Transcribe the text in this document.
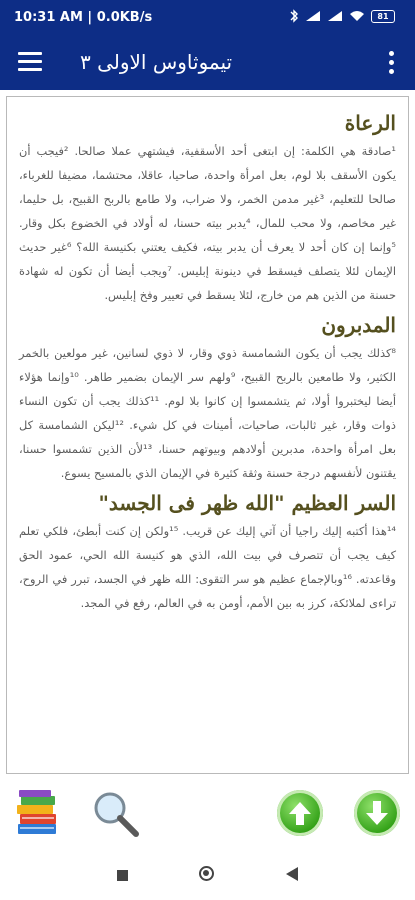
10:31 AM | 0.0KB/s	81
تيموثاوس الاولى ٣
الرعاة

¹صادقة هي الكلمة: إن ابتغى أحد الأسقفية، فيشتهي عملا صالحا. ²فيجب أن يكون الأسقف بلا لوم، بعل امرأة واحدة، صاحيا، عاقلا، محتشما، مضيفا للغرباء، صالحا للتعليم، ³غير مدمن الخمر، ولا ضراب، ولا طامع بالربح القبيح، بل حليما، غير مخاصم، ولا محب للمال، ⁴يدبر بيته حسنا، له أولاد في الخضوع بكل وقار. ⁵وإنما إن كان أحد لا يعرف أن يدبر بيته، فكيف يعتني بكنيسة الله؟ ⁶غير حديث الإيمان لئلا يتصلف فيسقط في دينونة إبليس. ⁷ويجب أيضا أن تكون له شهادة حسنة من الذين هم من خارج، لئلا يسقط في تعيير وفخ إبليس.

المدبرون

⁸كذلك يجب أن يكون الشمامسة ذوي وقار، لا ذوي لسانين، غير مولعين بالخمر الكثير، ولا طامعين بالربح القبيح، ⁹ولهم سر الإيمان بضمير طاهر. ¹⁰وإنما هؤلاء أيضا ليختبروا أولا، ثم يتشمسوا إن كانوا بلا لوم. ¹¹كذلك يجب أن تكون النساء ذوات وقار، غير ثالبات، صاحيات، أمينات في كل شيء. ¹²ليكن الشمامسة كل بعل امرأة واحدة، مدبرين أولادهم وبيوتهم حسنا، ¹³لأن الذين تشمسوا حسنا، يقتنون لأنفسهم درجة حسنة وثقة كثيرة في الإيمان الذي بالمسيح يسوع.

السر العظيم "الله ظهر فى الجسد"

¹⁴هذا أكتبه إليك راجيا أن آتي إليك عن قريب. ¹⁵ولكن إن كنت أبطئ، فلكي تعلم كيف يجب أن تتصرف في بيت الله، الذي هو كنيسة الله الحي، عمود الحق وقاعدته. ¹⁶وبالإجماع عظيم هو سر التقوى: الله ظهر في الجسد، تبرر في الروح، تراءى لملائكة، كرز به بين الأمم، أومن به في العالم، رفع في المجد.
